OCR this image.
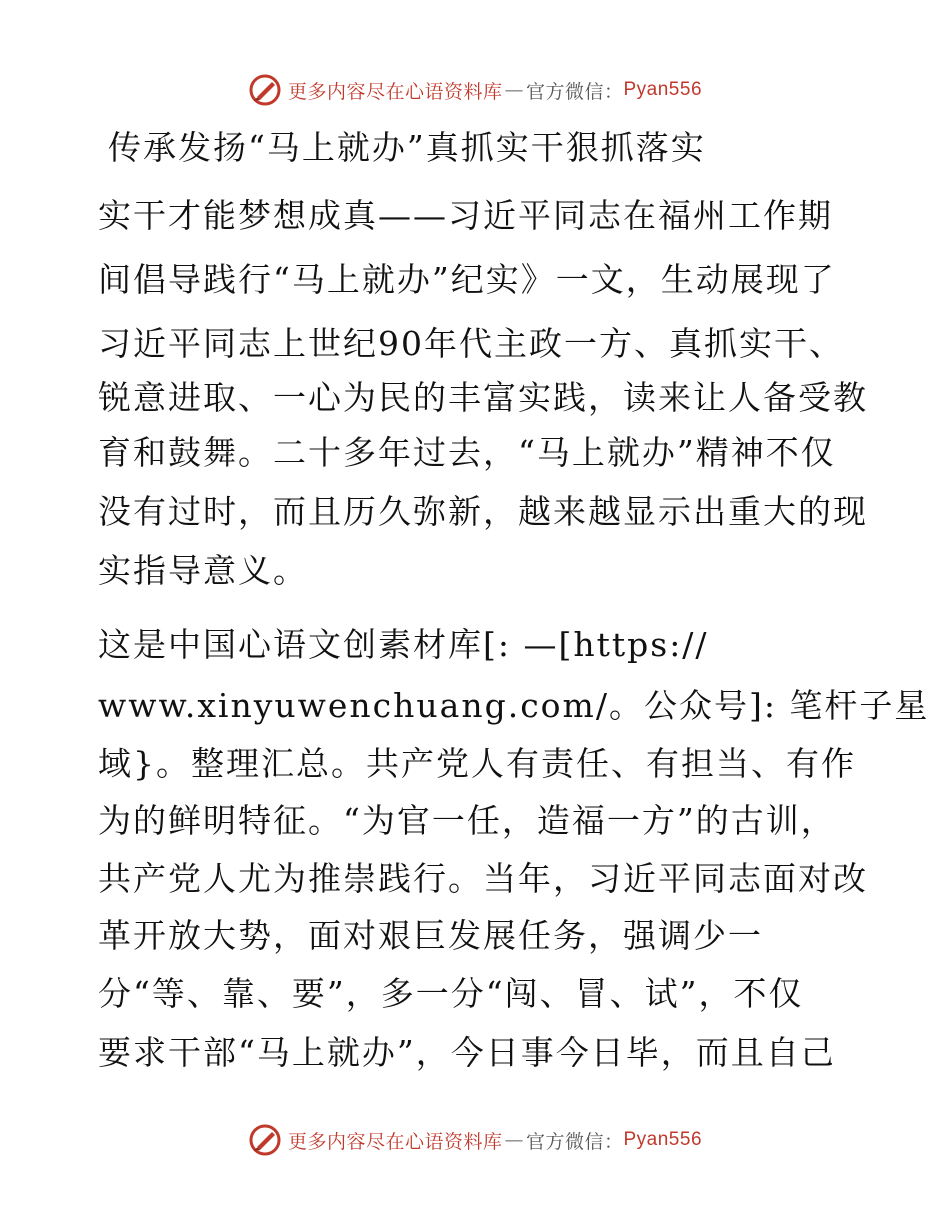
更多内容尽在心语资料库 — 官方微信： Pyan556
传承发扬“马上就办”真抓实干狠抓落实
实干才能梦想成真——习近平同志在福州工作期
间倡导践行“马上就办”纪实》一文，生动展现了
习近平同志上世纪90年代主政一方、真抓实干、
锐意进取、一心为民的丰富实践，读来让人备受教
育和鼓舞。二十多年过去，“马上就办”精神不仅
没有过时，而且历久弥新，越来越显示出重大的现
实指导意义。
这是中国心语文创素材库[: —[https://
www.xinyuwenchuang.com/。公众号]: 笔杆子星
域}。整理汇总。共产党人有责任、有担当、有作
为的鲜明特征。“为官一任，造福一方”的古训，
共产党人尤为推崇践行。当年，习近平同志面对改
革开放大势，面对艰巨发展任务，强调少一
分“等、靠、要”，多一分“闯、冒、试”，不仅
要求干部“马上就办”，今日事今日毕，而且自己
更多内容尽在心语资料库 — 官方微信： Pyan556
